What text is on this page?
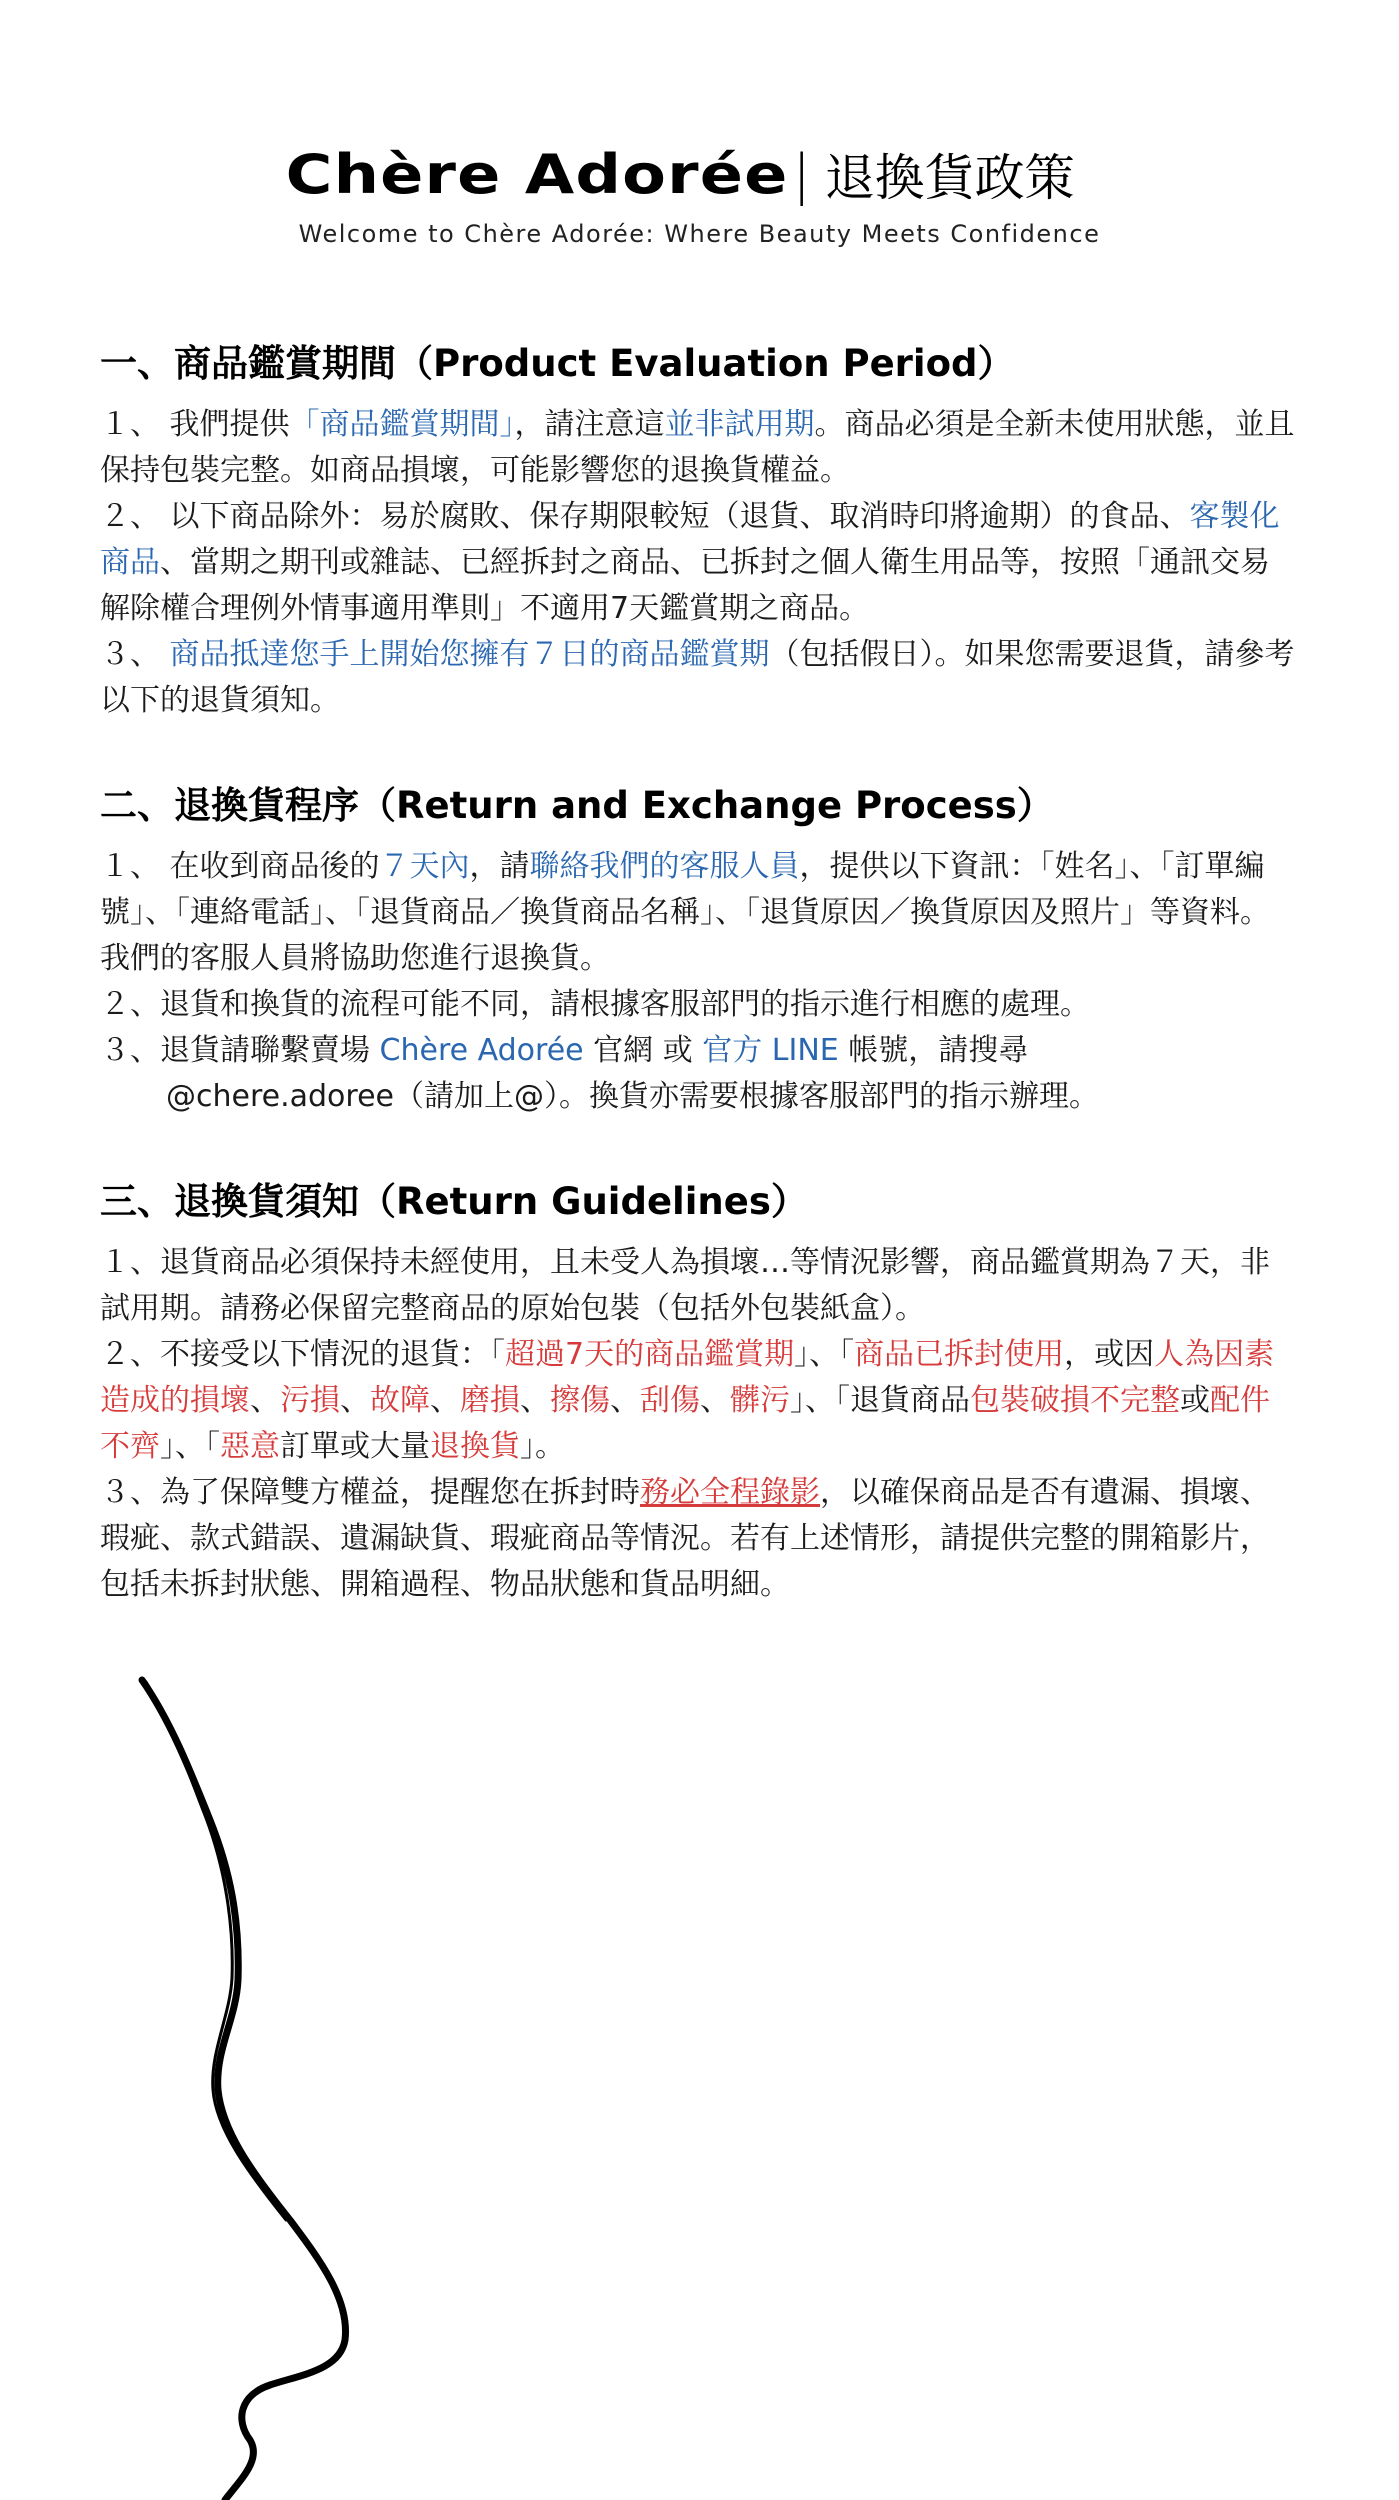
Chère Adorée | 退換貨政策
Welcome to Chère Adorée: Where Beauty Meets Confidence
一、商品鑑賞期間（Product Evaluation Period）

１、 我們提供「商品鑑賞期間」，請注意這並非試用期。商品必須是全新未使用狀態，並且保持包裝完整。如商品損壞，可能影響您的退換貨權益。

２、 以下商品除外：易於腐敗、保存期限較短（退貨、取消時印將逾期）的食品、客製化商品、當期之期刊或雜誌、已經拆封之商品、已拆封之個人衛生用品等，按照「通訊交易解除權合理例外情事適用準則」不適用7天鑑賞期之商品。

３、 商品抵達您手上開始您擁有７日的商品鑑賞期（包括假日）。如果您需要退貨，請參考以下的退貨須知。

二、退換貨程序（Return and Exchange Process）

１、 在收到商品後的７天內，請聯絡我們的客服人員，提供以下資訊：「姓名」、「訂單編號」、「連絡電話」、「退貨商品／換貨商品名稱」、「退貨原因／換貨原因及照片」等資料。我們的客服人員將協助您進行退換貨。

２、退貨和換貨的流程可能不同，請根據客服部門的指示進行相應的處理。

３、退貨請聯繫賣場 Chère Adorée 官網 或 官方 LINE 帳號，請搜尋

@chere.adoree（請加上@）。換貨亦需要根據客服部門的指示辦理。

三、退換貨須知（Return Guidelines）

１、退貨商品必須保持未經使用，且未受人為損壞…等情況影響，商品鑑賞期為７天，非試用期。請務必保留完整商品的原始包裝（包括外包裝紙盒）。

２、不接受以下情況的退貨：「超過7天的商品鑑賞期」、「商品已拆封使用，或因人為因素造成的損壞、污損、故障、磨損、擦傷、刮傷、髒污」、「退貨商品包裝破損不完整或配件不齊」、「惡意訂單或大量退換貨」。

３、為了保障雙方權益，提醒您在拆封時務必全程錄影，以確保商品是否有遺漏、損壞、瑕疵、款式錯誤、遺漏缺貨、瑕疵商品等情況。若有上述情形，請提供完整的開箱影片，包括未拆封狀態、開箱過程、物品狀態和貨品明細。
